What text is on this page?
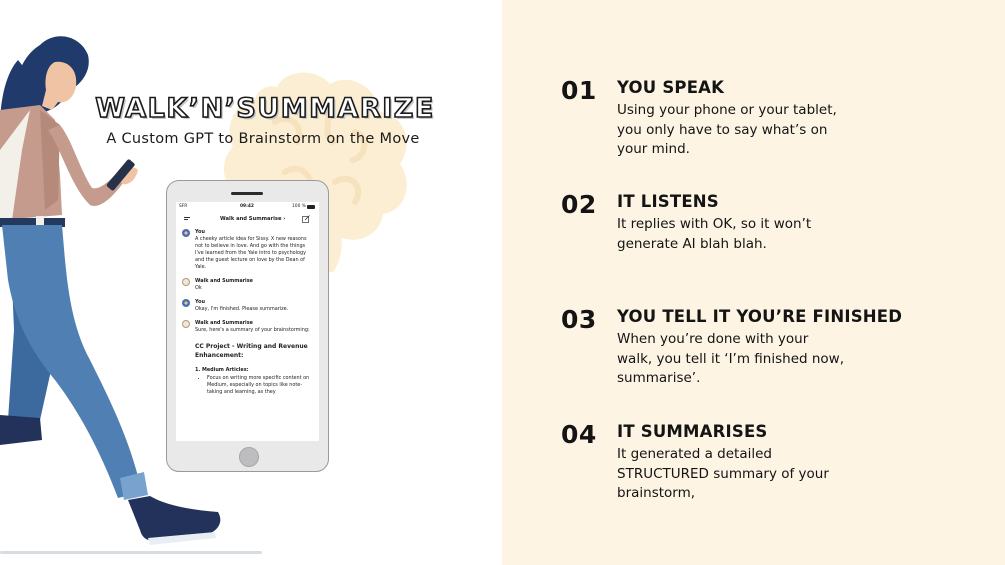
WALK’N’SUMMARIZE
A Custom GPT to Brainstorm on the Move
SFR	09:42	100 %
Walk and Summarise ›
You
A cheeky article idea for Sissy. X new reasons not to believe in love. And go with the things I've learned from the Yale intro to psychology and the guest lecture on love by the Dean of Yale.
Walk and Summarise
Ok
You
Okay, I'm finished. Please summarize.
Walk and Summarise
Sure, here's a summary of your brainstorming:
CC Project - Writing and Revenue Enhancement:
1. Medium Articles:
• Focus on writing more specific content on Medium, especially on topics like note-taking and learning, as they
01 YOU SPEAK
Using your phone or your tablet, you only have to say what’s on your mind.
02 IT LISTENS
It replies with OK, so it won’t generate AI blah blah.
03 YOU TELL IT YOU’RE FINISHED
When you’re done with your walk, you tell it ‘I’m finished now, summarise’.
04 IT SUMMARISES
It generated a detailed STRUCTURED summary of your brainstorm,
